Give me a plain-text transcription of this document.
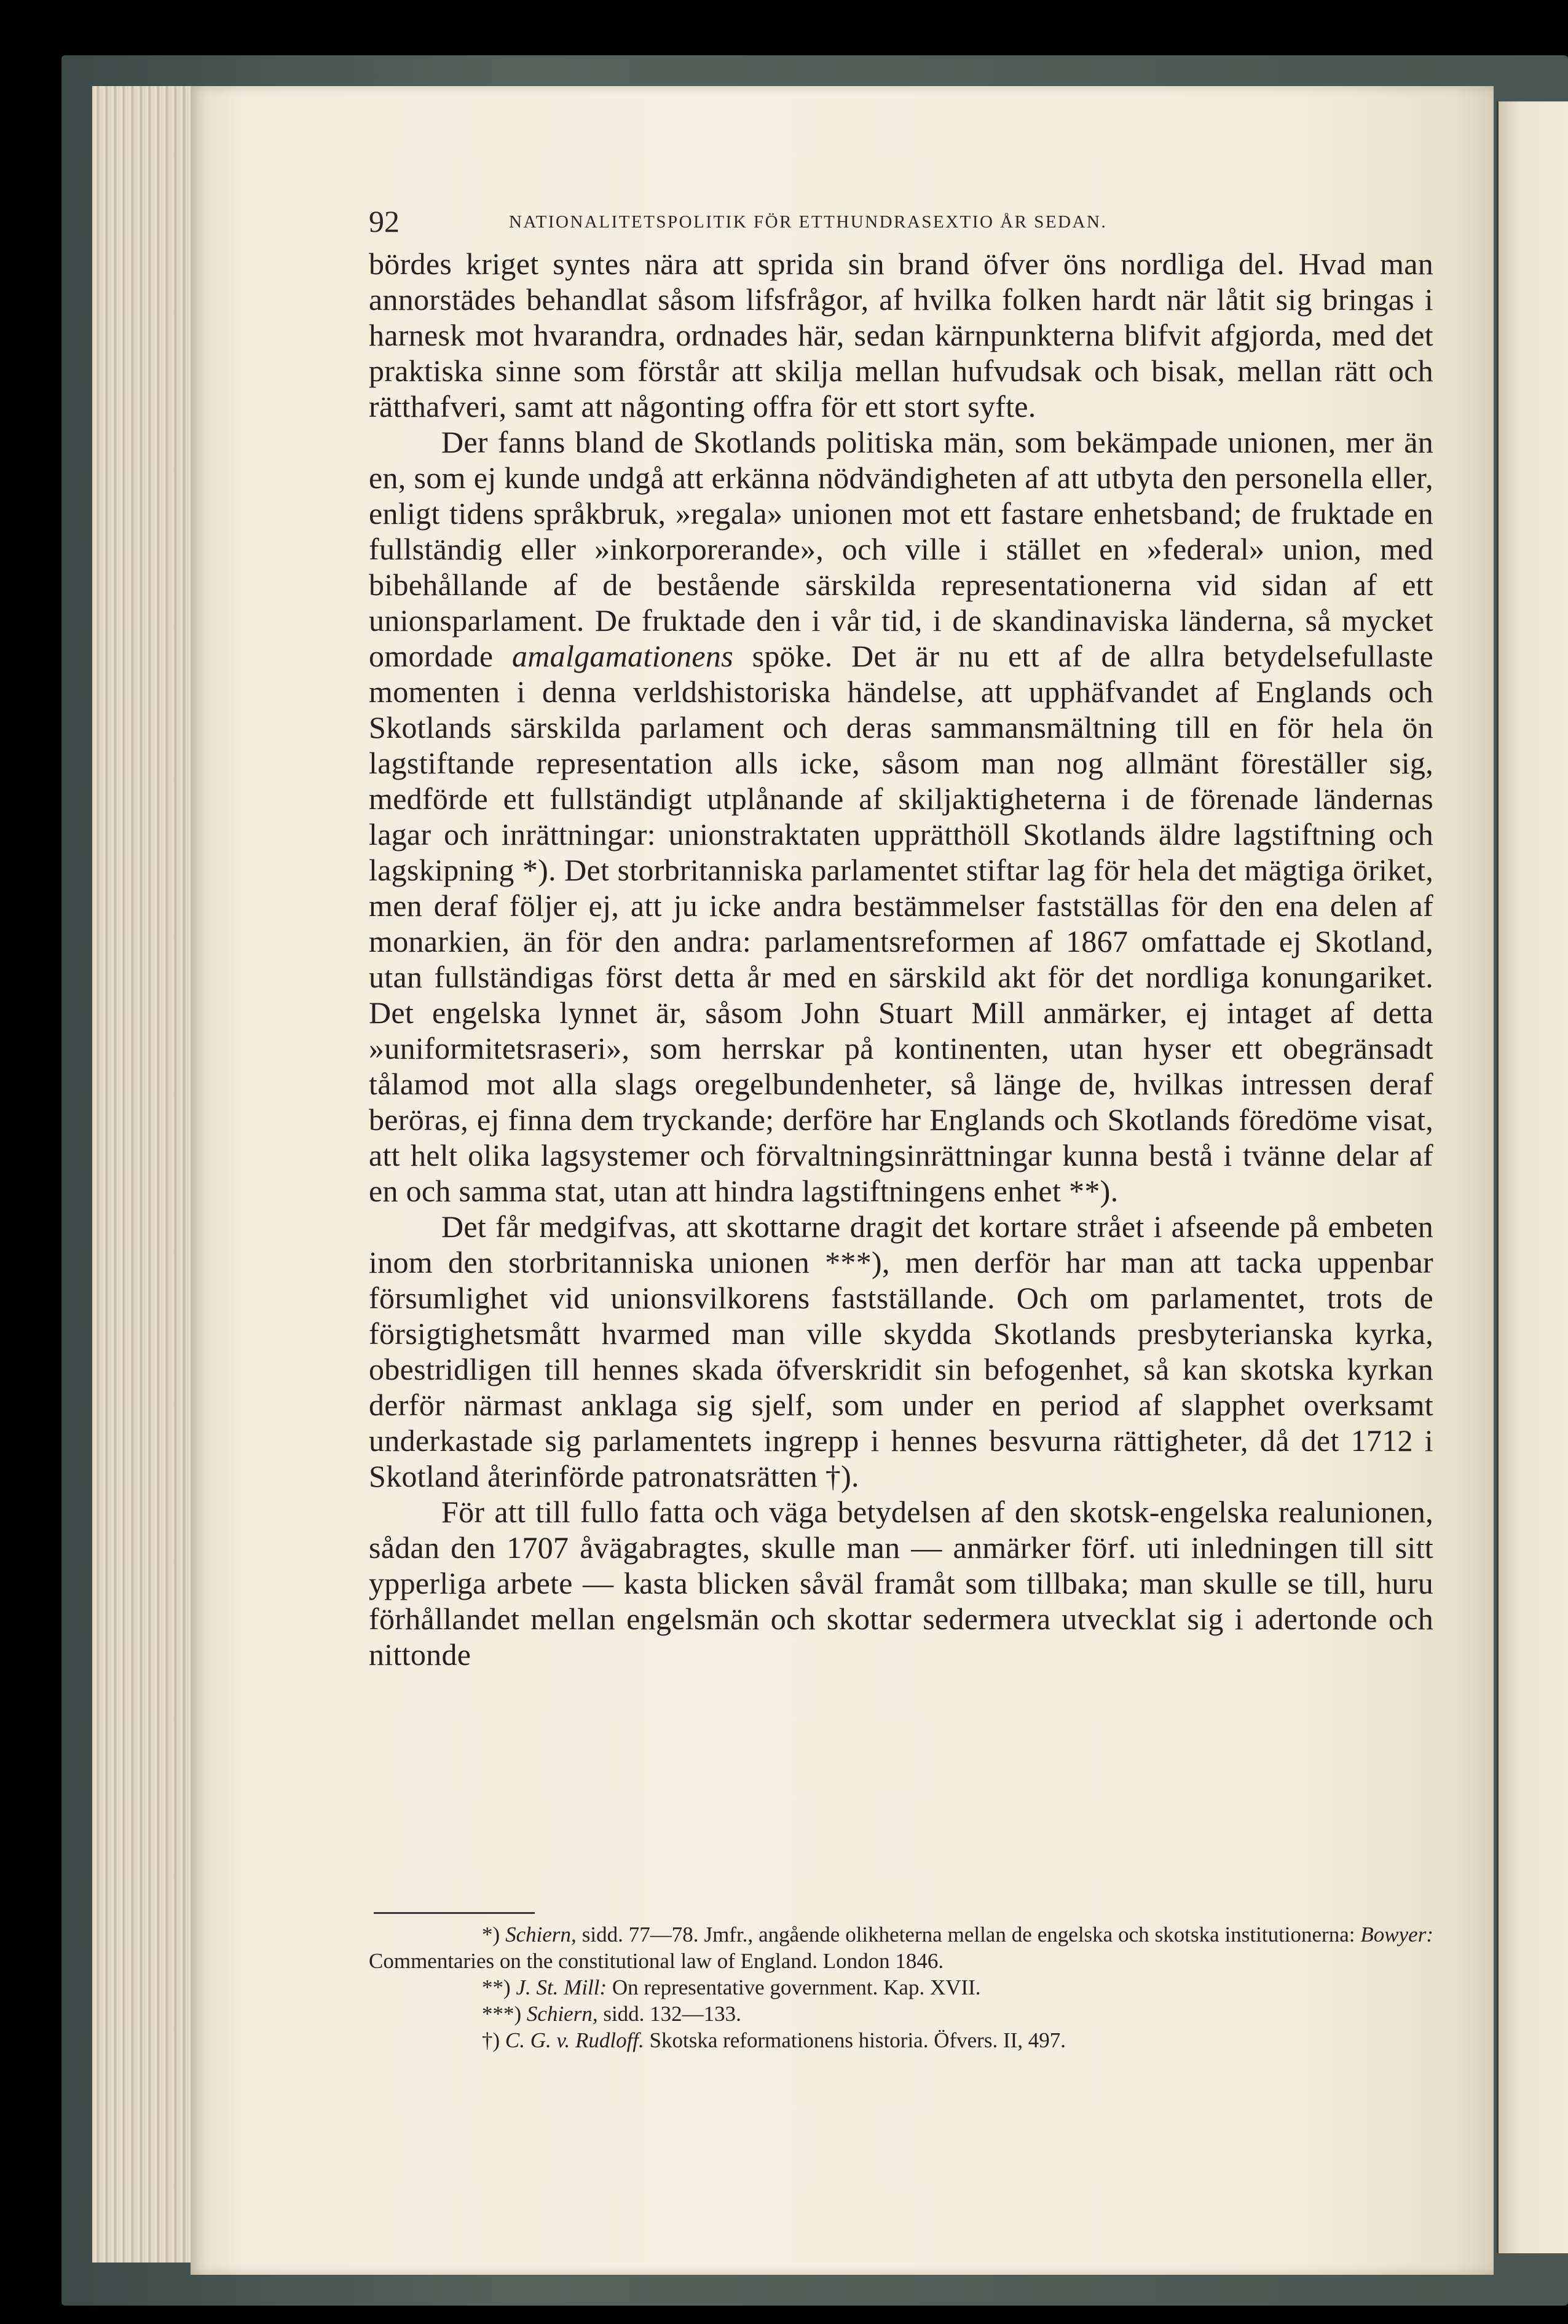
92	NATIONALITETSPOLITIK FÖR ETTHUNDRASEXTIO ÅR SEDAN.

bördes kriget syntes nära att sprida sin brand öfver öns nordliga del. Hvad man annorstädes behandlat såsom lifsfrågor, af hvilka folken hardt när låtit sig bringas i harnesk mot hvarandra, ordnades här, sedan kärnpunkterna blifvit afgjorda, med det praktiska sinne som förstår att skilja mellan hufvudsak och bisak, mellan rätt och rätthafveri, samt att någonting offra för ett stort syfte.

Der fanns bland de Skotlands politiska män, som bekämpade unionen, mer än en, som ej kunde undgå att erkänna nödvändigheten af att utbyta den personella eller, enligt tidens språkbruk, »regala» unionen mot ett fastare enhetsband; de fruktade en fullständig eller »inkorporerande», och ville i stället en »federal» union, med bibehållande af de bestående särskilda representationerna vid sidan af ett unionsparlament. De fruktade den i vår tid, i de skandinaviska länderna, så mycket omordade amalgamationens spöke. Det är nu ett af de allra betydelsefullaste momenten i denna verldshistoriska händelse, att upphäfvandet af Englands och Skotlands särskilda parlament och deras sammansmältning till en för hela ön lagstiftande representation alls icke, såsom man nog allmänt föreställer sig, medförde ett fullständigt utplånande af skiljaktigheterna i de förenade ländernas lagar och inrättningar: unionstraktaten upprätthöll Skotlands äldre lagstiftning och lagskipning *). Det storbritanniska parlamentet stiftar lag för hela det mägtiga öriket, men deraf följer ej, att ju icke andra bestämmelser fastställas för den ena delen af monarkien, än för den andra: parlamentsreformen af 1867 omfattade ej Skotland, utan fullständigas först detta år med en särskild akt för det nordliga konungariket. Det engelska lynnet är, såsom John Stuart Mill anmärker, ej intaget af detta »uniformitetsraseri», som herrskar på kontinenten, utan hyser ett obegränsadt tålamod mot alla slags oregelbundenheter, så länge de, hvilkas intressen deraf beröras, ej finna dem tryckande; derföre har Englands och Skotlands föredöme visat, att helt olika lagsystemer och förvaltningsinrättningar kunna bestå i tvänne delar af en och samma stat, utan att hindra lagstiftningens enhet **).

Det får medgifvas, att skottarne dragit det kortare strået i afseende på embeten inom den storbritanniska unionen ***), men derför har man att tacka uppenbar försumlighet vid unionsvilkorens fastställande. Och om parlamentet, trots de försigtighetsmått hvarmed man ville skydda Skotlands presbyterianska kyrka, obestridligen till hennes skada öfverskridit sin befogenhet, så kan skotska kyrkan derför närmast anklaga sig sjelf, som under en period af slapphet overksamt underkastade sig parlamentets ingrepp i hennes besvurna rättigheter, då det 1712 i Skotland återinförde patronatsrätten †).

För att till fullo fatta och väga betydelsen af den skotsk-engelska realunionen, sådan den 1707 åvägabragtes, skulle man — anmärker förf. uti inledningen till sitt ypperliga arbete — kasta blicken såväl framåt som tillbaka; man skulle se till, huru förhållandet mellan engelsmän och skottar sedermera utvecklat sig i adertonde och nittonde

*) Schiern, sidd. 77—78. Jmfr., angående olikheterna mellan de engelska och skotska institutionerna: Bowyer: Commentaries on the constitutional law of England. London 1846.

**) J. St. Mill: On representative government. Kap. XVII.

***) Schiern, sidd. 132—133.

†) C. G. v. Rudloff. Skotska reformationens historia. Öfvers. II, 497.
